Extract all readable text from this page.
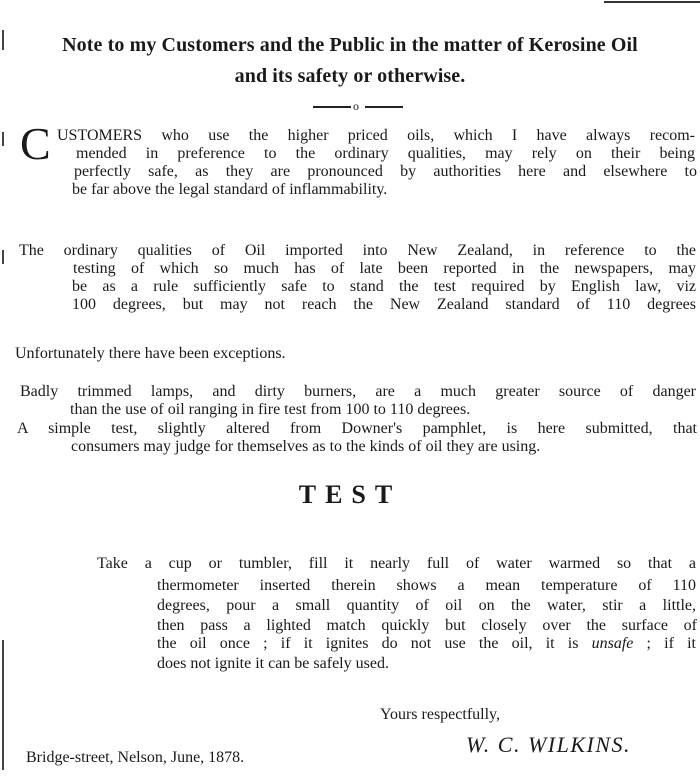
Note to my Customers and the Public in the matter of Kerosine Oil
and its safety or otherwise.
o
C USTOMERS who use the higher priced oils, which I have always recom-
mended in preference to the ordinary qualities, may rely on their being
perfectly safe, as they are pronounced by authorities here and elsewhere to
be far above the legal standard of inflammability.
The ordinary qualities of Oil imported into New Zealand, in reference to the
testing of which so much has of late been reported in the newspapers, may
be as a rule sufficiently safe to stand the test required by English law, viz
100 degrees, but may not reach the New Zealand standard of 110 degrees
Unfortunately there have been exceptions.
Badly trimmed lamps, and dirty burners, are a much greater source of danger
than the use of oil ranging in fire test from 100 to 110 degrees.
A simple test, slightly altered from Downer's pamphlet, is here submitted, that
consumers may judge for themselves as to the kinds of oil they are using.
TEST
Take a cup or tumbler, fill it nearly full of water warmed so that a
thermometer inserted therein shows a mean temperature of 110
degrees, pour a small quantity of oil on the water, stir a little,
then pass a lighted match quickly but closely over the surface of
the oil once ; if it ignites do not use the oil, it is unsafe ; if it
does not ignite it can be safely used.
Yours respectfully,
W. C. WILKINS.
Bridge-street, Nelson, June, 1878.
